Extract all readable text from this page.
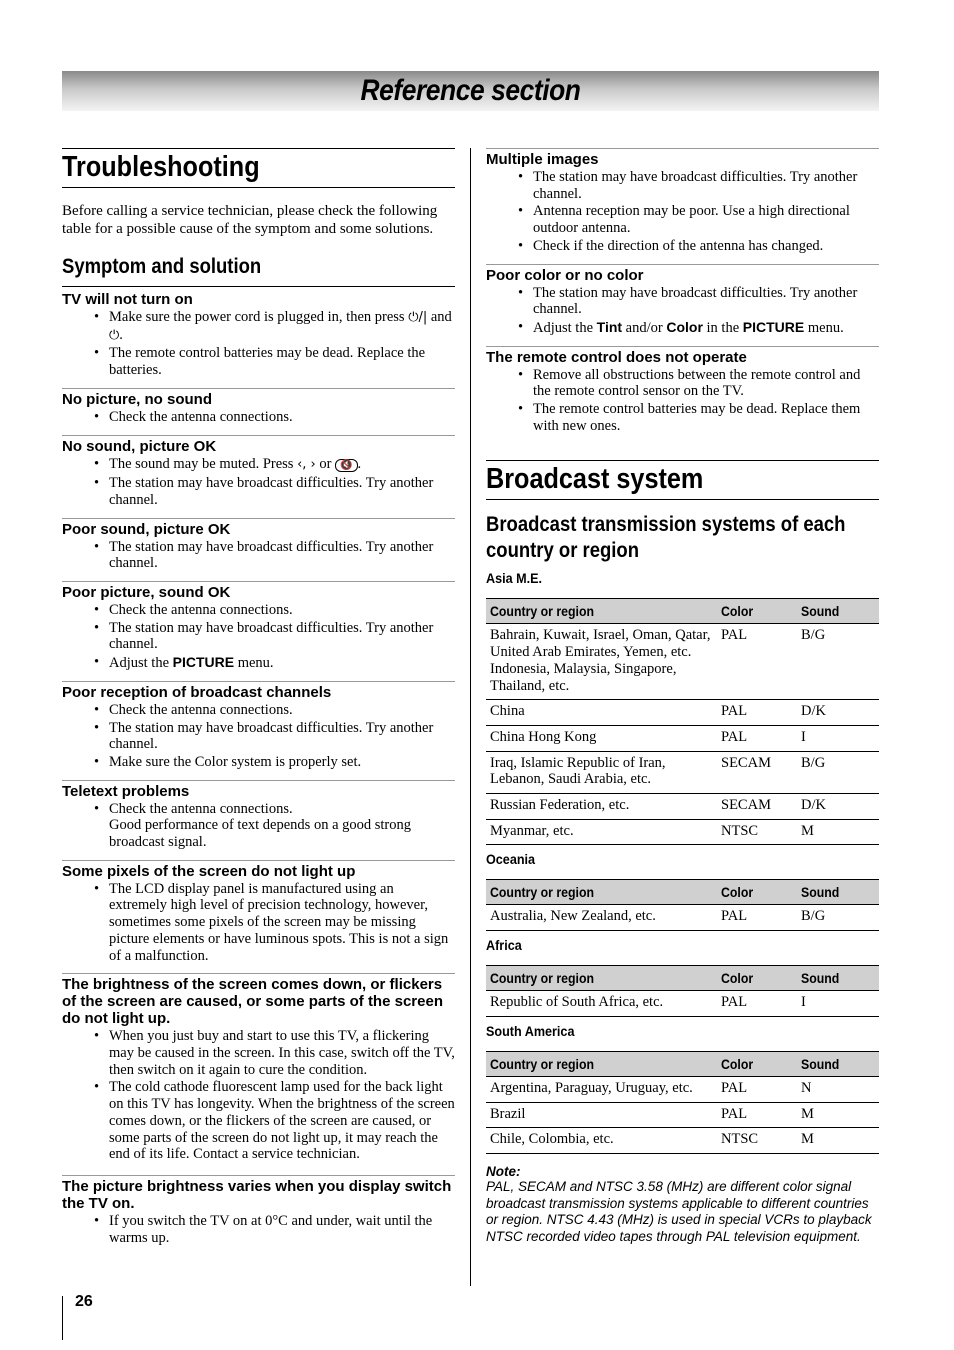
Reference section
Troubleshooting

Before calling a service technician, please check the following table for a possible cause of the symptom and some solutions.

Symptom and solution
TV will not turn on
• Make sure the power cord is plugged in, then press ⏻/| and ⏻.
• The remote control batteries may be dead. Replace the batteries.
No picture, no sound
• Check the antenna connections.
No sound, picture OK
• The sound may be muted. Press ‹, › or 🔇 .
• The station may have broadcast difficulties. Try another channel.
Poor sound, picture OK
• The station may have broadcast difficulties. Try another channel.
Poor picture, sound OK
• Check the antenna connections.
• The station may have broadcast difficulties. Try another channel.
• Adjust the PICTURE menu.
Poor reception of broadcast channels
• Check the antenna connections.
• The station may have broadcast difficulties. Try another channel.
• Make sure the Color system is properly set.
Teletext problems
• Check the antenna connections.
Good performance of text depends on a good strong broadcast signal.
Some pixels of the screen do not light up
• The LCD display panel is manufactured using an extremely high level of precision technology, however, sometimes some pixels of the screen may be missing picture elements or have luminous spots. This is not a sign of a malfunction.
The brightness of the screen comes down, or flickers of the screen are caused, or some parts of the screen do not light up.
• When you just buy and start to use this TV, a flickering may be caused in the screen. In this case, switch off the TV, then switch on it again to cure the condition.
• The cold cathode fluorescent lamp used for the back light on this TV has longevity. When the brightness of the screen comes down, or the flickers of the screen are caused, or some parts of the screen do not light up, it may reach the end of its life. Contact a service technician.
The picture brightness varies when you display switch the TV on.
• If you switch the TV on at 0°C and under, wait until the warms up.
Multiple images
• The station may have broadcast difficulties. Try another channel.
• Antenna reception may be poor. Use a high directional outdoor antenna.
• Check if the direction of the antenna has changed.
Poor color or no color
• The station may have broadcast difficulties. Try another channel.
• Adjust the Tint and/or Color in the PICTURE menu.
The remote control does not operate
• Remove all obstructions between the remote control and the remote control sensor on the TV.
• The remote control batteries may be dead. Replace them with new ones.
Broadcast system
Broadcast transmission systems of each country or region
Asia M.E.
Country or region	Color	Sound
Bahrain, Kuwait, Israel, Oman, Qatar, United Arab Emirates, Yemen, etc. Indonesia, Malaysia, Singapore, Thailand, etc.	PAL	B/G
China	PAL	D/K
China Hong Kong	PAL	I
Iraq, Islamic Republic of Iran, Lebanon, Saudi Arabia, etc.	SECAM	B/G
Russian Federation, etc.	SECAM	D/K
Myanmar, etc.	NTSC	M
Oceania
Country or region	Color	Sound
Australia, New Zealand, etc.	PAL	B/G
Africa
Country or region	Color	Sound
Republic of South Africa, etc.	PAL	I
South America
Country or region	Color	Sound
Argentina, Paraguay, Uruguay, etc.	PAL	N
Brazil	PAL	M
Chile, Colombia, etc.	NTSC	M
Note:
PAL, SECAM and NTSC 3.58 (MHz) are different color signal broadcast transmission systems applicable to different countries or region. NTSC 4.43 (MHz) is used in special VCRs to playback NTSC recorded video tapes through PAL television equipment.
26
